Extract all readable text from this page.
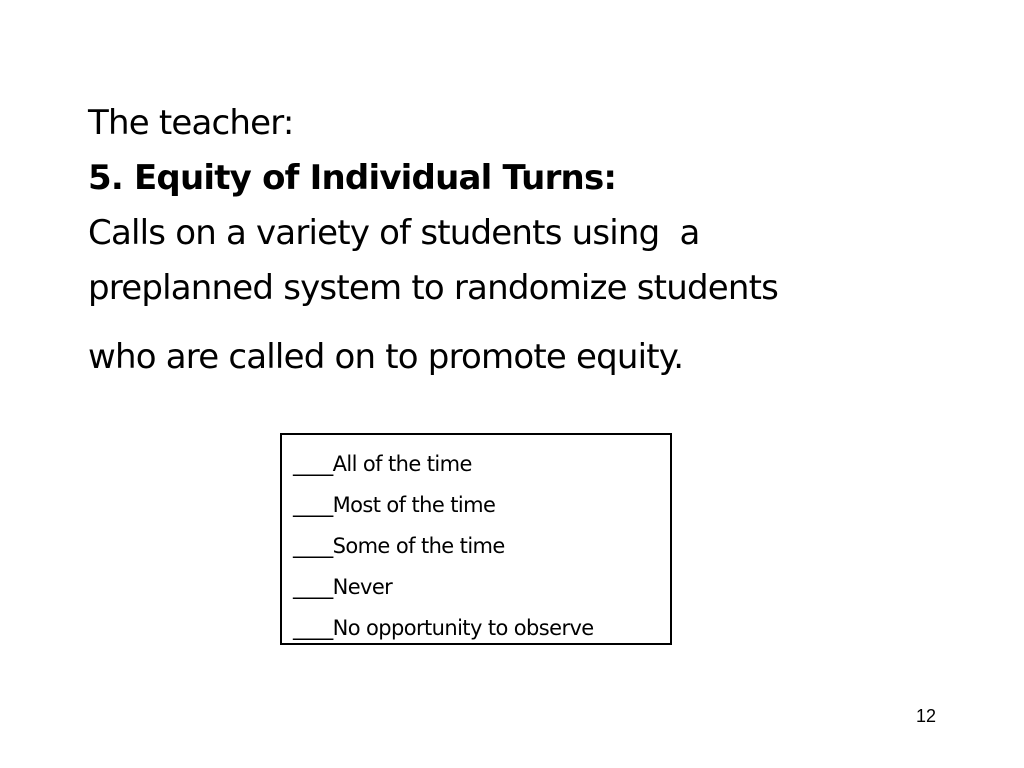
The teacher:
5. Equity of Individual Turns:
Calls on a variety of students using  a
preplanned system to randomize students
who are called on to promote equity.
____All of the time
____Most of the time
____Some of the time
____Never
____No opportunity to observe
12
